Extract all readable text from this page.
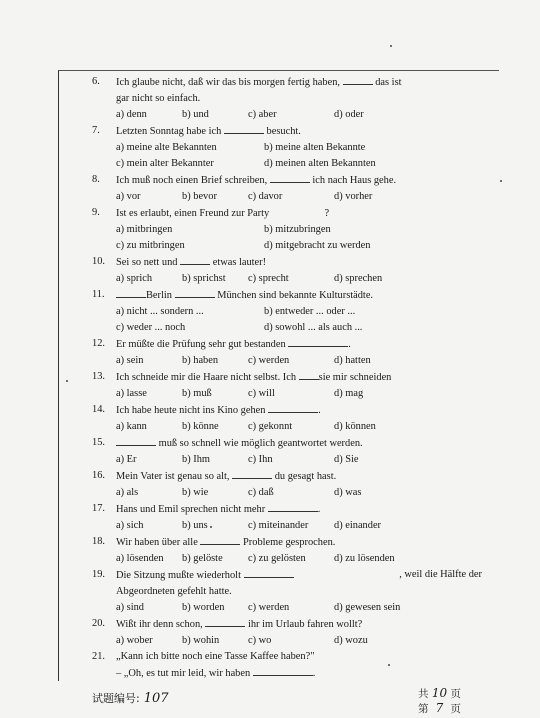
6.	Ich glaube nicht, daß wir das bis morgen fertig haben,	das ist
gar nicht so einfach.
a) denn	b) und	c) aber	d) oder
7.	Letzten Sonntag habe ich	besucht.
a) meine alte Bekannten	b) meine alten Bekannte
c) mein alter Bekannter	d) meinen alten Bekannten
8.	Ich muß noch einen Brief schreiben,	ich nach Haus gehe.
a) vor	b) bevor	c) davor	d) vorher
9.	Ist es erlaubt, einen Freund zur Party	?
a) mitbringen	b) mitzubringen
c) zu mitbringen	d) mitgebracht zu werden
10.	Sei so nett und	etwas lauter!
a) sprich	b) sprichst	c) sprecht	d) sprechen
11.	Berlin	München sind bekannte Kulturstädte.
a) nicht ... sondern ...	b) entweder ... oder ...
c) weder ... noch	d) sowohl ... als auch ...
12.	Er müßte die Prüfung sehr gut bestanden	.
a) sein	b) haben	c) werden	d) hatten
13.	Ich schneide mir die Haare nicht selbst. Ich sie mir schneiden
a) lasse	b) muß	c) will	d) mag
14.	Ich habe heute nicht ins Kino gehen	.
a) kann	b) könne	c) gekonnt	d) können
15.	muß so schnell wie möglich geantwortet werden.
a) Er	b) Ihm	c) Ihn	d) Sie
16.	Mein Vater ist genau so alt,	du gesagt hast.
a) als	b) wie	c) daß	d) was
17.	Hans und Emil sprechen nicht mehr	.
a) sich	b) uns	c) miteinander	d) einander
18.	Wir haben über alle	Probleme gesprochen.
a) lösenden	b) gelöste	c) zu gelösten	d) zu lösenden
19.	Die Sitzung mußte wiederholt	, weil die Hälfte der
Abgeordneten gefehlt hatte.
a) sind	b) worden	c) werden	d) gewesen sein
20.	Wißt ihr denn schon,	ihr im Urlaub fahren wollt?
a) wober	b) wohin	c) wo	d) wozu
21.	„Kann ich bitte noch eine Tasse Kaffee haben?"
– „Oh, es tut mir leid, wir haben	.
试题编号: 107	共 10 页
第 7 页
